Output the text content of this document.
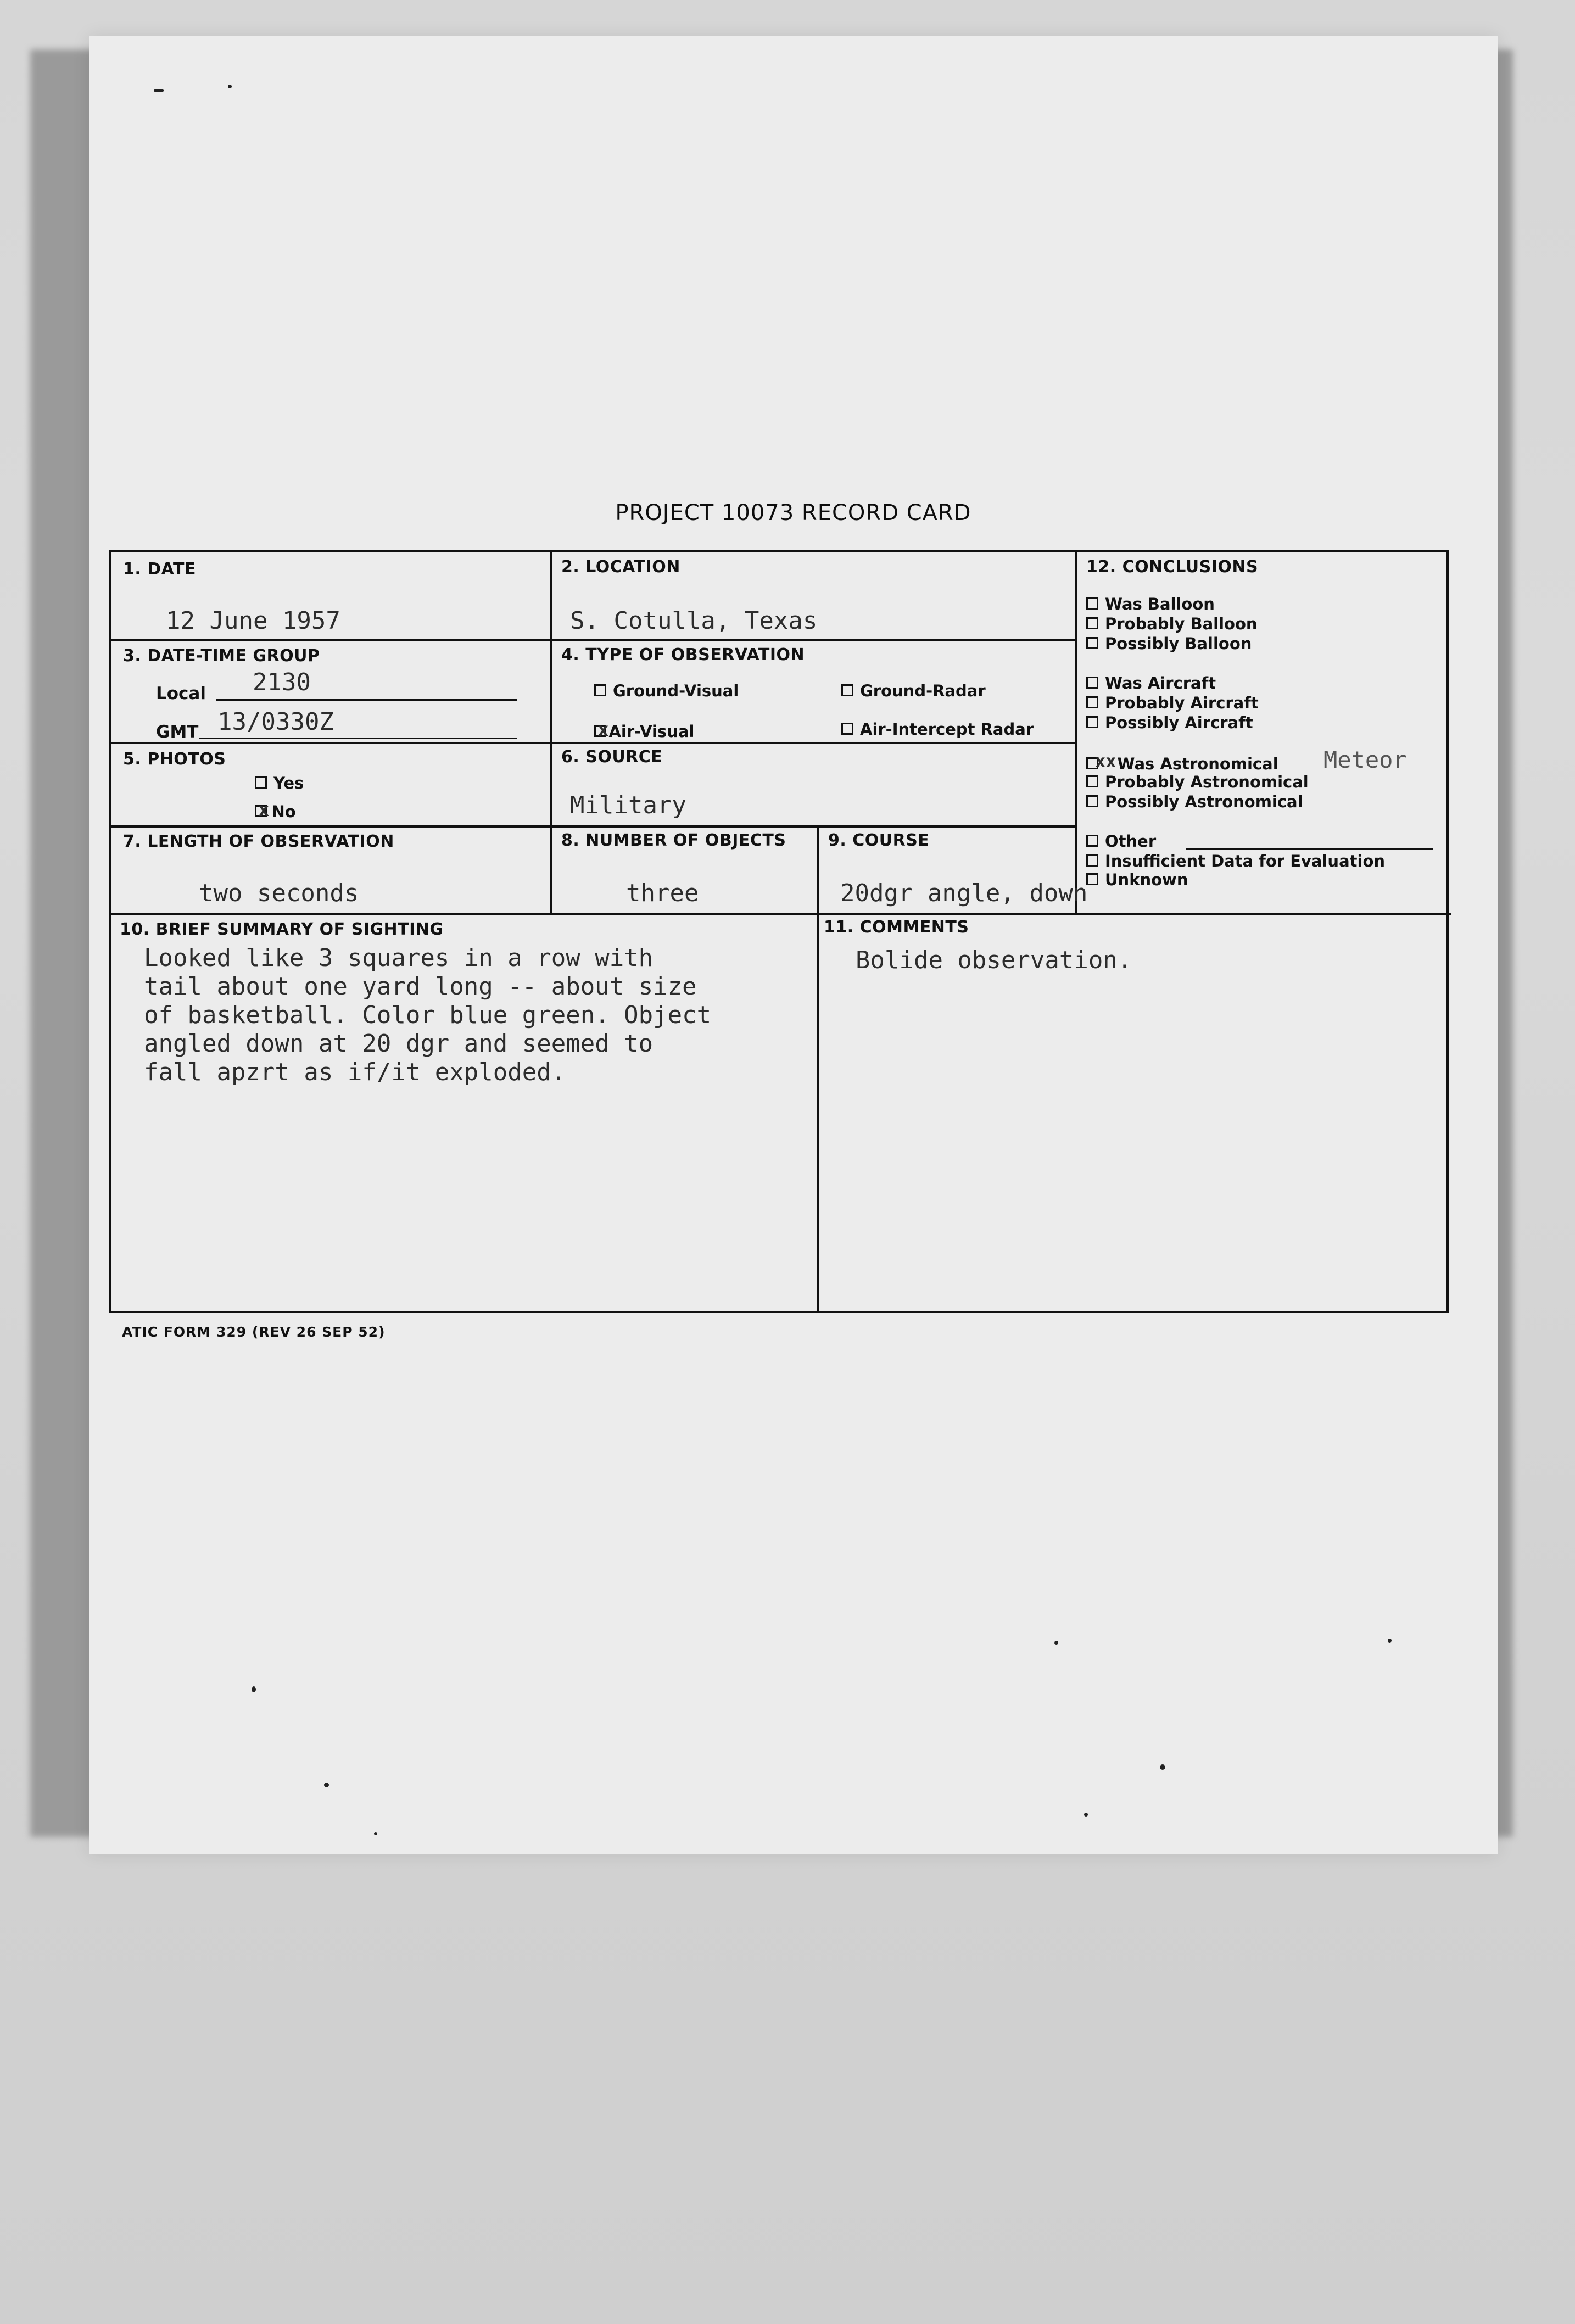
PROJECT 10073 RECORD CARD
1. DATE
12 June 1957
2. LOCATION
S. Cotulla, Texas
3. DATE-TIME GROUP
Local 2130
GMT 13/0330Z
4. TYPE OF OBSERVATION
Ground-Visual	Ground-Radar
xAir-Visual	Air-Intercept Radar
5. PHOTOS
Yes
x No
6. SOURCE
Military
7. LENGTH OF OBSERVATION
two seconds
8. NUMBER OF OBJECTS
three
9. COURSE
20dgr angle, down
10. BRIEF SUMMARY OF SIGHTING
Looked like 3 squares in a row with
tail about one yard long -- about size
of basketball. Color blue green. Object
angled down at 20 dgr and seemed to
fall apzrt as if/it exploded.
11. COMMENTS
Bolide observation.
12. CONCLUSIONS
Was Balloon
Probably Balloon
Possibly Balloon
Was Aircraft
Probably Aircraft
Possibly Aircraft
xxWas Astronomical Meteor
Probably Astronomical
Possibly Astronomical
Other
Insufficient Data for Evaluation
Unknown
ATIC FORM 329 (REV 26 SEP 52)
